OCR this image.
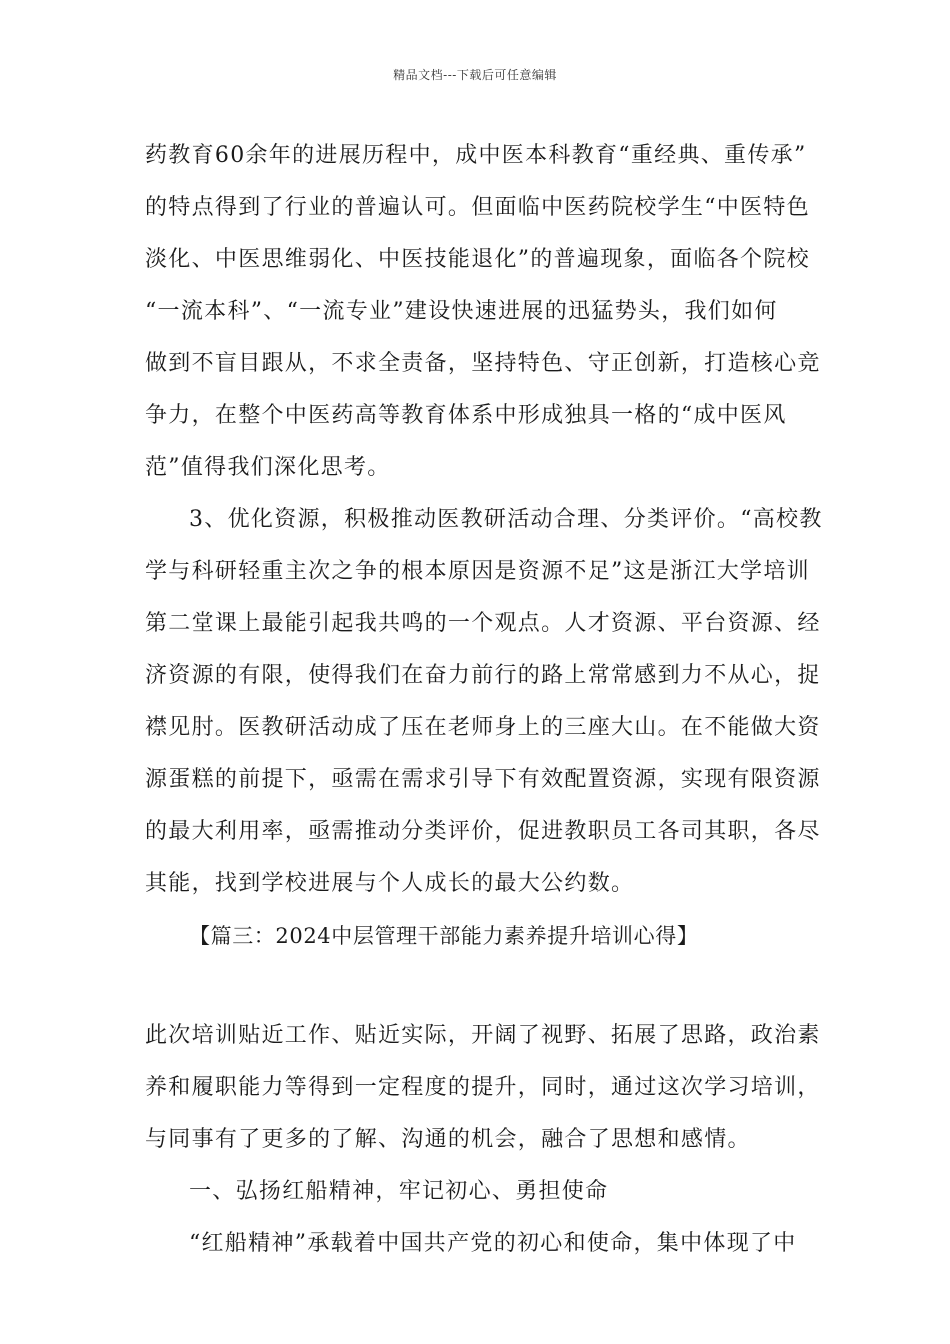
精品文档---下载后可任意编辑
药教育60余年的进展历程中，成中医本科教育“重经典、重传承”
的特点得到了行业的普遍认可。但面临中医药院校学生“中医特色
淡化、中医思维弱化、中医技能退化”的普遍现象，面临各个院校
“一流本科”、“一流专业”建设快速进展的迅猛势头，我们如何
做到不盲目跟从，不求全责备，坚持特色、守正创新，打造核心竞
争力，在整个中医药高等教育体系中形成独具一格的“成中医风
范”值得我们深化思考。
3、优化资源，积极推动医教研活动合理、分类评价。“高校教
学与科研轻重主次之争的根本原因是资源不足”这是浙江大学培训
第二堂课上最能引起我共鸣的一个观点。人才资源、平台资源、经
济资源的有限，使得我们在奋力前行的路上常常感到力不从心，捉
襟见肘。医教研活动成了压在老师身上的三座大山。在不能做大资
源蛋糕的前提下，亟需在需求引导下有效配置资源，实现有限资源
的最大利用率，亟需推动分类评价，促进教职员工各司其职，各尽
其能，找到学校进展与个人成长的最大公约数。
【篇三：2024中层管理干部能力素养提升培训心得】
此次培训贴近工作、贴近实际，开阔了视野、拓展了思路，政治素
养和履职能力等得到一定程度的提升，同时，通过这次学习培训，
与同事有了更多的了解、沟通的机会，融合了思想和感情。
一、弘扬红船精神，牢记初心、勇担使命
“红船精神”承载着中国共产党的初心和使命，集中体现了中
